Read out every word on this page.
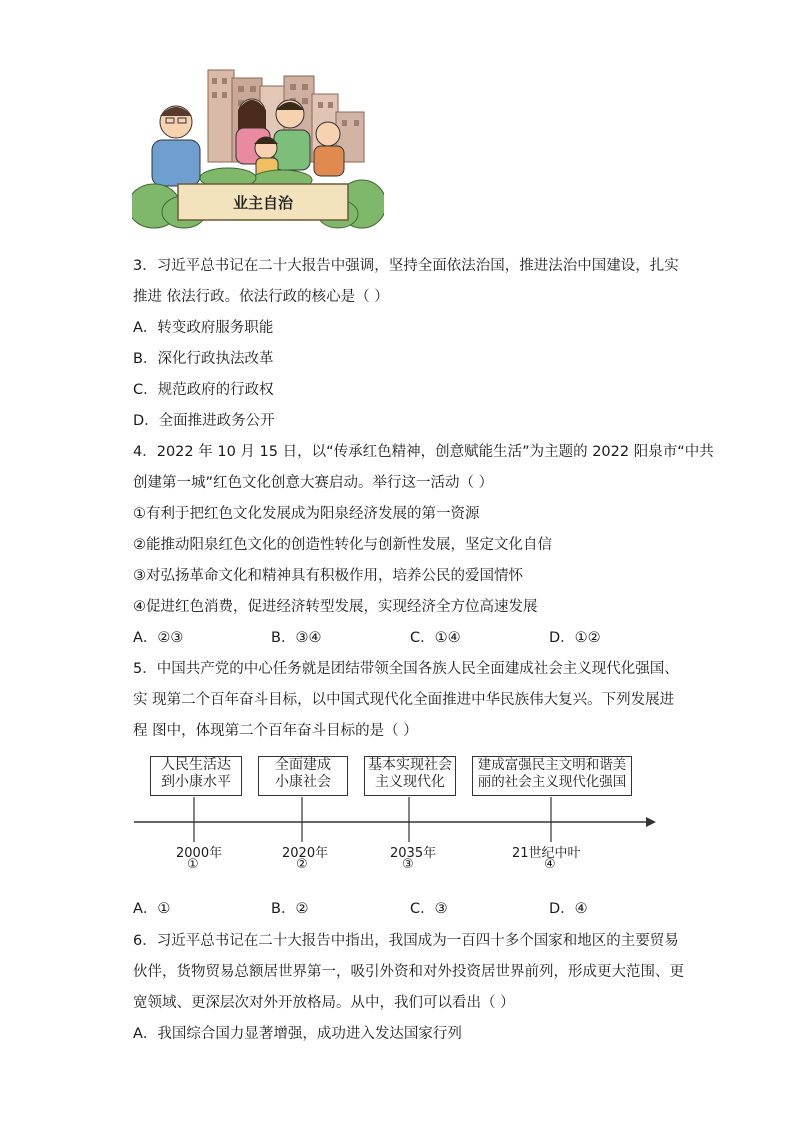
业主自治
3．习近平总书记在二十大报告中强调，坚持全面依法治国，推进法治中国建设，扎实
推进 依法行政。依法行政的核心是（ ）
A．转变政府服务职能
B．深化行政执法改革
C．规范政府的行政权
D．全面推进政务公开
4．2022 年 10 月 15 日，以“传承红色精神，创意赋能生活”为主题的 2022 阳泉市“中共
创建第一城”红色文化创意大赛启动。举行这一活动（ ）
①有利于把红色文化发展成为阳泉经济发展的第一资源
②能推动阳泉红色文化的创造性转化与创新性发展，坚定文化自信
③对弘扬革命文化和精神具有积极作用，培养公民的爱国情怀
④促进红色消费，促进经济转型发展，实现经济全方位高速发展
A．②③	B．③④	C．①④	D．①②
5．中国共产党的中心任务就是团结带领全国各族人民全面建成社会主义现代化强国、
实 现第二个百年奋斗目标，以中国式现代化全面推进中华民族伟大复兴。下列发展进
程 图中，体现第二个百年奋斗目标的是（ ）
人民生活达
到小康水平
全面建成
小康社会
基本实现社会
主义现代化
建成富强民主文明和谐美
丽的社会主义现代化强国
2000年	2020年	2035年	21世纪中叶
①	②	③	④
A．①	B．②	C．③	D．④
6．习近平总书记在二十大报告中指出，我国成为一百四十多个国家和地区的主要贸易
伙伴，货物贸易总额居世界第一，吸引外资和对外投资居世界前列，形成更大范围、更
宽领域、更深层次对外开放格局。从中，我们可以看出（ ）
A．我国综合国力显著增强，成功进入发达国家行列
